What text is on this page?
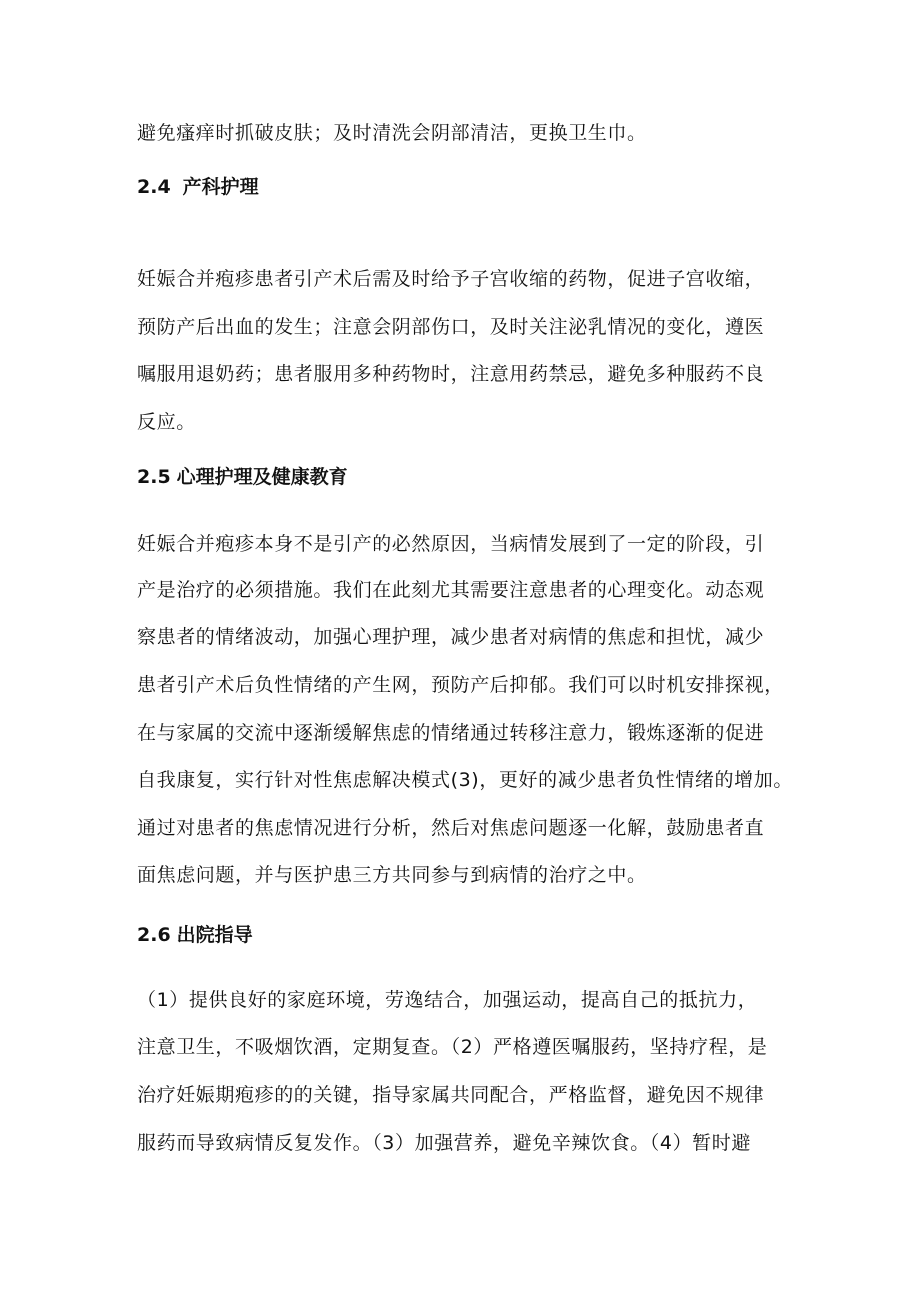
避免瘙痒时抓破皮肤；及时清洗会阴部清洁，更换卫生巾。
2.4 产科护理
妊娠合并疱疹患者引产术后需及时给予子宫收缩的药物，促进子宫收缩，
预防产后出血的发生；注意会阴部伤口，及时关注泌乳情况的变化，遵医
嘱服用退奶药；患者服用多种药物时，注意用药禁忌，避免多种服药不良
反应。
2.5 心理护理及健康教育
妊娠合并疱疹本身不是引产的必然原因，当病情发展到了一定的阶段，引
产是治疗的必须措施。我们在此刻尤其需要注意患者的心理变化。动态观
察患者的情绪波动，加强心理护理，减少患者对病情的焦虑和担忧，减少
患者引产术后负性情绪的产生网，预防产后抑郁。我们可以时机安排探视，
在与家属的交流中逐渐缓解焦虑的情绪通过转移注意力，锻炼逐渐的促进
自我康复，实行针对性焦虑解决模式(3)，更好的减少患者负性情绪的增加。
通过对患者的焦虑情况进行分析，然后对焦虑问题逐一化解，鼓励患者直
面焦虑问题，并与医护患三方共同参与到病情的治疗之中。
2.6 出院指导
（1）提供良好的家庭环境，劳逸结合，加强运动，提高自己的抵抗力，
注意卫生，不吸烟饮酒，定期复查。（2）严格遵医嘱服药，坚持疗程，是
治疗妊娠期疱疹的的关键，指导家属共同配合，严格监督，避免因不规律
服药而导致病情反复发作。（3）加强营养，避免辛辣饮食。（4）暂时避
